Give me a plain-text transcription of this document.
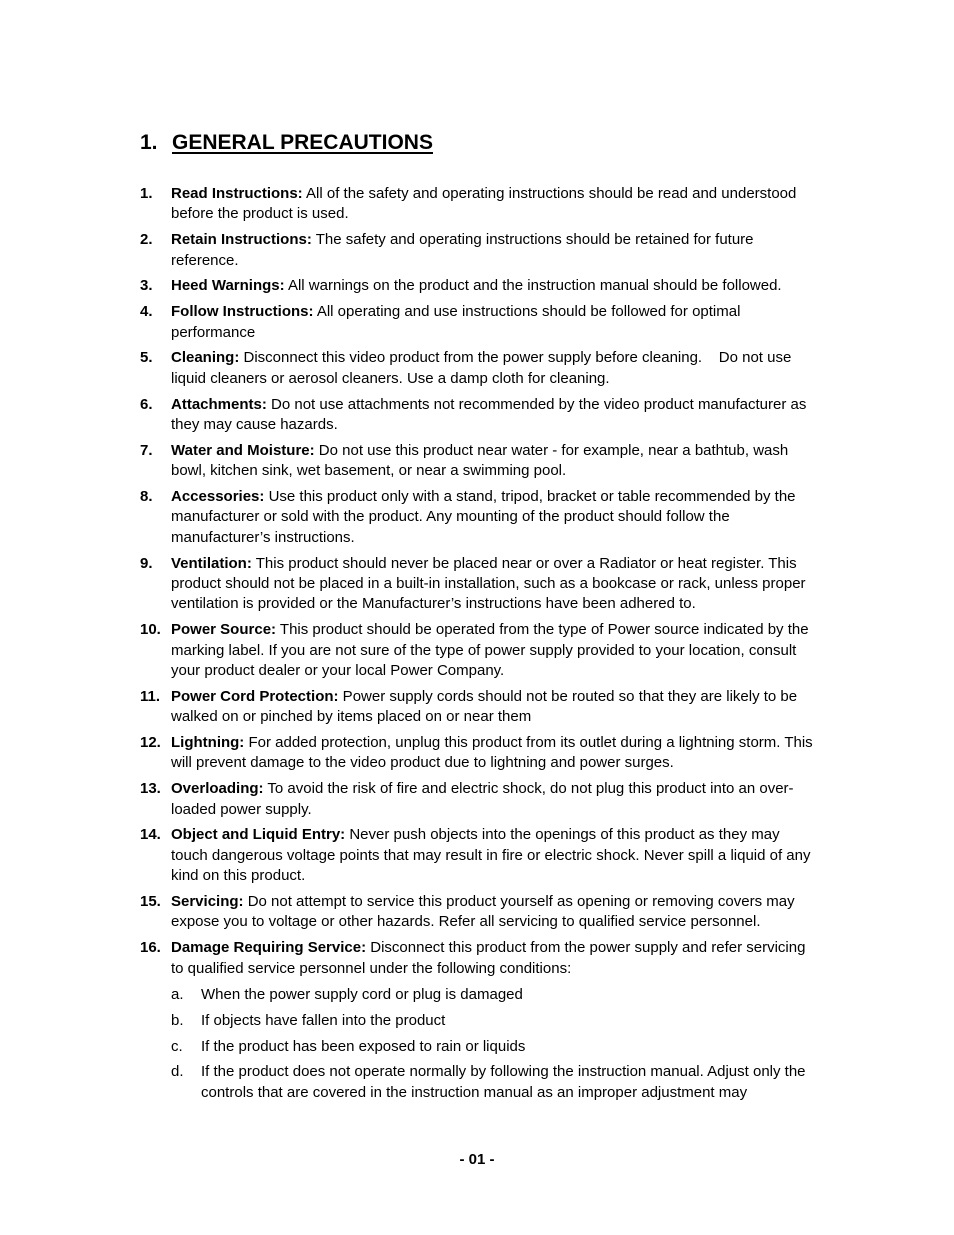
1. GENERAL PRECAUTIONS
1. Read Instructions: All of the safety and operating instructions should be read and understood before the product is used.
2. Retain Instructions: The safety and operating instructions should be retained for future reference.
3. Heed Warnings: All warnings on the product and the instruction manual should be followed.
4. Follow Instructions: All operating and use instructions should be followed for optimal performance
5. Cleaning: Disconnect this video product from the power supply before cleaning.    Do not use liquid cleaners or aerosol cleaners. Use a damp cloth for cleaning.
6. Attachments: Do not use attachments not recommended by the video product manufacturer as they may cause hazards.
7. Water and Moisture: Do not use this product near water - for example, near a bathtub, wash bowl, kitchen sink, wet basement, or near a swimming pool.
8. Accessories: Use this product only with a stand, tripod, bracket or table recommended by the manufacturer or sold with the product. Any mounting of the product should follow the manufacturer’s instructions.
9. Ventilation: This product should never be placed near or over a Radiator or heat register. This product should not be placed in a built-in installation, such as a bookcase or rack, unless proper ventilation is provided or the Manufacturer’s instructions have been adhered to.
10. Power Source: This product should be operated from the type of Power source indicated by the marking label. If you are not sure of the type of power supply provided to your location, consult your product dealer or your local Power Company.
11. Power Cord Protection: Power supply cords should not be routed so that they are likely to be walked on or pinched by items placed on or near them
12. Lightning: For added protection, unplug this product from its outlet during a lightning storm. This will prevent damage to the video product due to lightning and power surges.
13. Overloading: To avoid the risk of fire and electric shock, do not plug this product into an over-loaded power supply.
14. Object and Liquid Entry: Never push objects into the openings of this product as they may touch dangerous voltage points that may result in fire or electric shock. Never spill a liquid of any kind on this product.
15. Servicing: Do not attempt to service this product yourself as opening or removing covers may expose you to voltage or other hazards. Refer all servicing to qualified service personnel.
16. Damage Requiring Service: Disconnect this product from the power supply and refer servicing to qualified service personnel under the following conditions:
a. When the power supply cord or plug is damaged
b. If objects have fallen into the product
c. If the product has been exposed to rain or liquids
d. If the product does not operate normally by following the instruction manual. Adjust only the controls that are covered in the instruction manual as an improper adjustment may
- 01 -
